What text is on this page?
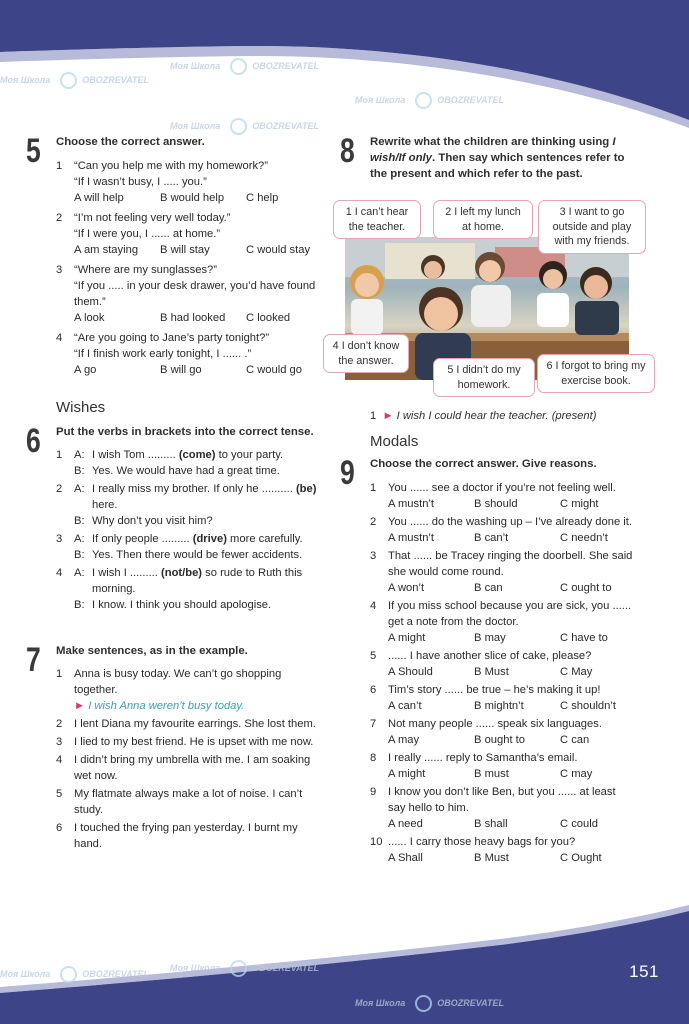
151
Моя Школа	OBOZREVATEL
Моя Школа	OBOZREVATEL
Моя Школа	OBOZREVATEL
Моя Школа	OBOZREVATEL
Моя Школа	OBOZREVATEL
Моя Школа	OBOZREVATEL
Моя Школа	OBOZREVATEL
5 Choose the correct answer.
1 “Can you help me with my homework?”
“If I wasn’t busy, I ..... you.”
A will help	B would help	C help
2 “I’m not feeling very well today.”
“If I were you, I ...... at home.”
A am staying	B will stay	C would stay
3 “Where are my sunglasses?”
“If you ..... in your desk drawer, you’d have found them.”
A look	B had looked	C looked
4 “Are you going to Jane’s party tonight?”
“If I finish work early tonight, I ...... .”
A go	B will go	C would go
Wishes
6 Put the verbs in brackets into the correct tense.
1 A: I wish Tom ......... (come) to your party.
B: Yes. We would have had a great time.
2 A: I really miss my brother. If only he .......... (be) here.
B: Why don’t you visit him?
3 A: If only people ......... (drive) more carefully.
B: Yes. Then there would be fewer accidents.
4 A: I wish I ......... (not/be) so rude to Ruth this morning.
B: I know. I think you should apologise.
7 Make sentences, as in the example.
1 Anna is busy today. We can’t go shopping together.
► I wish Anna weren’t busy today.
2 I lent Diana my favourite earrings. She lost them.
3 I lied to my best friend. He is upset with me now.
4 I didn’t bring my umbrella with me. I am soaking wet now.
5 My flatmate always make a lot of noise. I can’t study.
6 I touched the frying pan yesterday. I burnt my hand.
8 Rewrite what the children are thinking using I wish/If only. Then say which sentences refer to the present and which refer to the past.
1 I can’t hear the teacher.
2 I left my lunch at home.
3 I want to go outside and play with my friends.
4 I don’t know the answer.
5 I didn’t do my homework.
6 I forgot to bring my exercise book.
1 ► I wish I could hear the teacher. (present)
Modals
9 Choose the correct answer. Give reasons.
1 You ...... see a doctor if you’re not feeling well.
A mustn’t	B should	C might
2 You ...... do the washing up – I’ve already done it.
A mustn’t	B can’t	C needn’t
3 That ...... be Tracey ringing the doorbell. She said she would come round.
A won’t	B can	C ought to
4 If you miss school because you are sick, you ...... get a note from the doctor.
A might	B may	C have to
5 ...... I have another slice of cake, please?
A Should	B Must	C May
6 Tim’s story ...... be true – he’s making it up!
A can’t	B mightn’t	C shouldn’t
7 Not many people ...... speak six languages.
A may	B ought to	C can
8 I really ...... reply to Samantha’s email.
A might	B must	C may
9 I know you don’t like Ben, but you ...... at least say hello to him.
A need	B shall	C could
10 ...... I carry those heavy bags for you?
A Shall	B Must	C Ought
